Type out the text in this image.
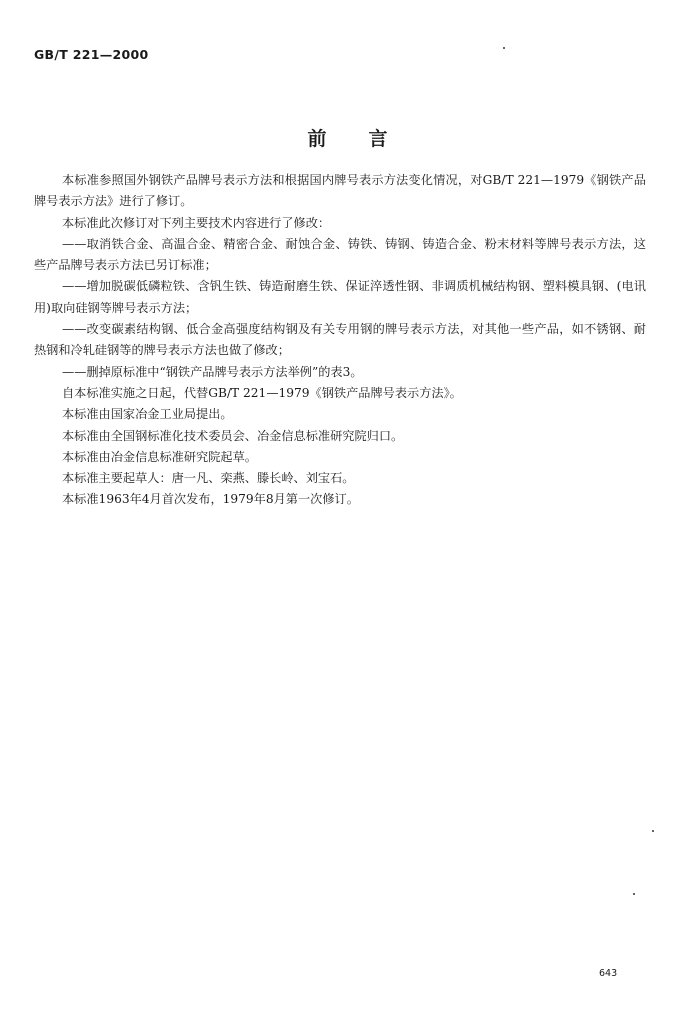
GB/T 221—2000
前 言

本标准参照国外钢铁产品牌号表示方法和根据国内牌号表示方法变化情况，对GB/T 221—1979《钢铁产品牌号表示方法》进行了修订。

本标准此次修订对下列主要技术内容进行了修改：

——取消铁合金、高温合金、精密合金、耐蚀合金、铸铁、铸钢、铸造合金、粉末材料等牌号表示方法，这些产品牌号表示方法已另订标准；

——增加脱碳低磷粒铁、含钒生铁、铸造耐磨生铁、保证淬透性钢、非调质机械结构钢、塑料模具钢、(电讯用)取向硅钢等牌号表示方法；

——改变碳素结构钢、低合金高强度结构钢及有关专用钢的牌号表示方法，对其他一些产品，如不锈钢、耐热钢和冷轧硅钢等的牌号表示方法也做了修改；

——删掉原标准中“钢铁产品牌号表示方法举例”的表3。

自本标准实施之日起，代替GB/T 221—1979《钢铁产品牌号表示方法》。

本标准由国家冶金工业局提出。

本标准由全国钢标准化技术委员会、冶金信息标准研究院归口。

本标准由冶金信息标准研究院起草。

本标准主要起草人：唐一凡、栾燕、滕长岭、刘宝石。

本标准1963年4月首次发布，1979年8月第一次修订。

643
